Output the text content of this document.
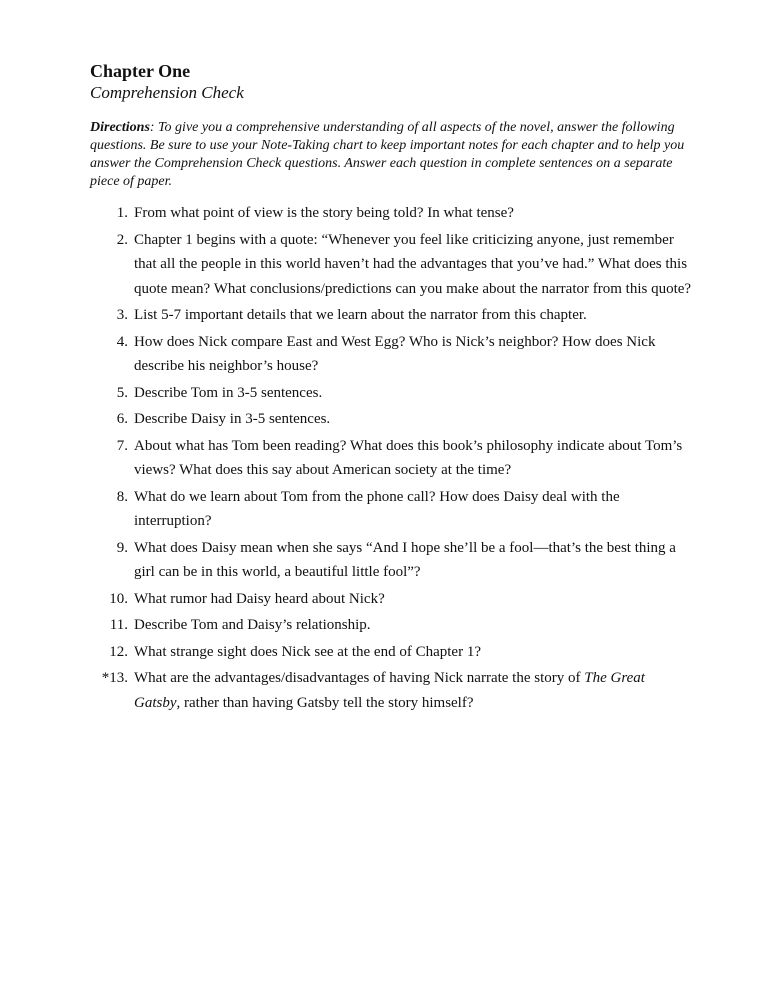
Chapter One
Comprehension Check

Directions: To give you a comprehensive understanding of all aspects of the novel, answer the following questions. Be sure to use your Note-Taking chart to keep important notes for each chapter and to help you answer the Comprehension Check questions. Answer each question in complete sentences on a separate piece of paper.

1. From what point of view is the story being told? In what tense?
2. Chapter 1 begins with a quote: “Whenever you feel like criticizing anyone, just remember that all the people in this world haven’t had the advantages that you’ve had.” What does this quote mean? What conclusions/predictions can you make about the narrator from this quote?
3. List 5-7 important details that we learn about the narrator from this chapter.
4. How does Nick compare East and West Egg? Who is Nick’s neighbor? How does Nick describe his neighbor’s house?
5. Describe Tom in 3-5 sentences.
6. Describe Daisy in 3-5 sentences.
7. About what has Tom been reading? What does this book’s philosophy indicate about Tom’s views? What does this say about American society at the time?
8. What do we learn about Tom from the phone call? How does Daisy deal with the interruption?
9. What does Daisy mean when she says “And I hope she’ll be a fool—that’s the best thing a girl can be in this world, a beautiful little fool”?
10. What rumor had Daisy heard about Nick?
11. Describe Tom and Daisy’s relationship.
12. What strange sight does Nick see at the end of Chapter 1?
*13. What are the advantages/disadvantages of having Nick narrate the story of The Great Gatsby, rather than having Gatsby tell the story himself?
